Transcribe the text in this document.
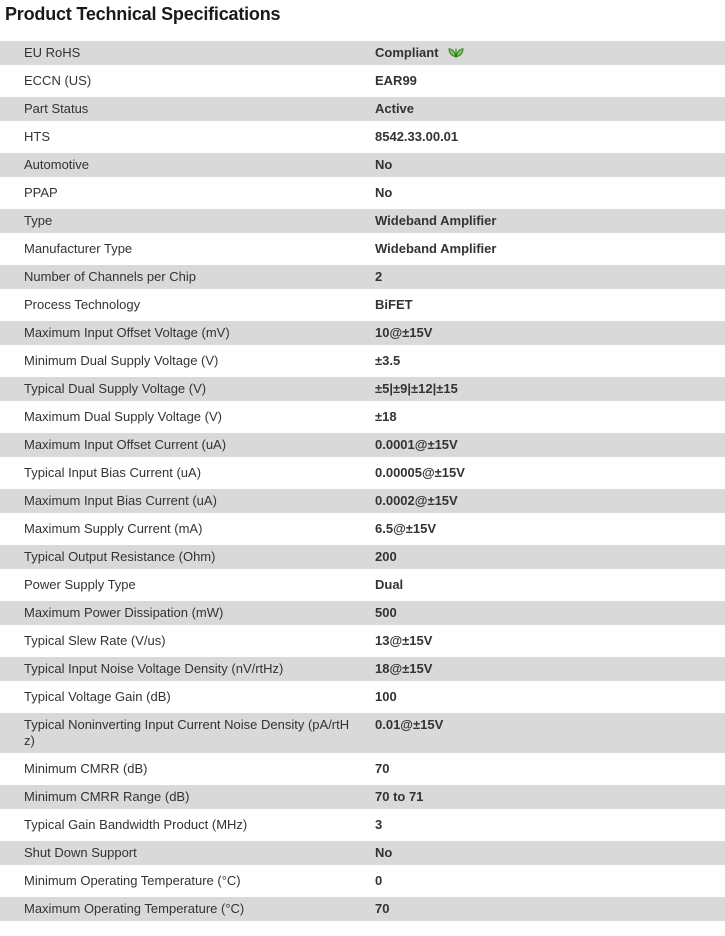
Product Technical Specifications
EU RoHS	Compliant
ECCN (US)	EAR99
Part Status	Active
HTS	8542.33.00.01
Automotive	No
PPAP	No
Type	Wideband Amplifier
Manufacturer Type	Wideband Amplifier
Number of Channels per Chip	2
Process Technology	BiFET
Maximum Input Offset Voltage (mV)	10@±15V
Minimum Dual Supply Voltage (V)	±3.5
Typical Dual Supply Voltage (V)	±5|±9|±12|±15
Maximum Dual Supply Voltage (V)	±18
Maximum Input Offset Current (uA)	0.0001@±15V
Typical Input Bias Current (uA)	0.00005@±15V
Maximum Input Bias Current (uA)	0.0002@±15V
Maximum Supply Current (mA)	6.5@±15V
Typical Output Resistance (Ohm)	200
Power Supply Type	Dual
Maximum Power Dissipation (mW)	500
Typical Slew Rate (V/us)	13@±15V
Typical Input Noise Voltage Density (nV/rtHz)	18@±15V
Typical Voltage Gain (dB)	100
Typical Noninverting Input Current Noise Density (pA/rtHz)	0.01@±15V
Minimum CMRR (dB)	70
Minimum CMRR Range (dB)	70 to 71
Typical Gain Bandwidth Product (MHz)	3
Shut Down Support	No
Minimum Operating Temperature (°C)	0
Maximum Operating Temperature (°C)	70
